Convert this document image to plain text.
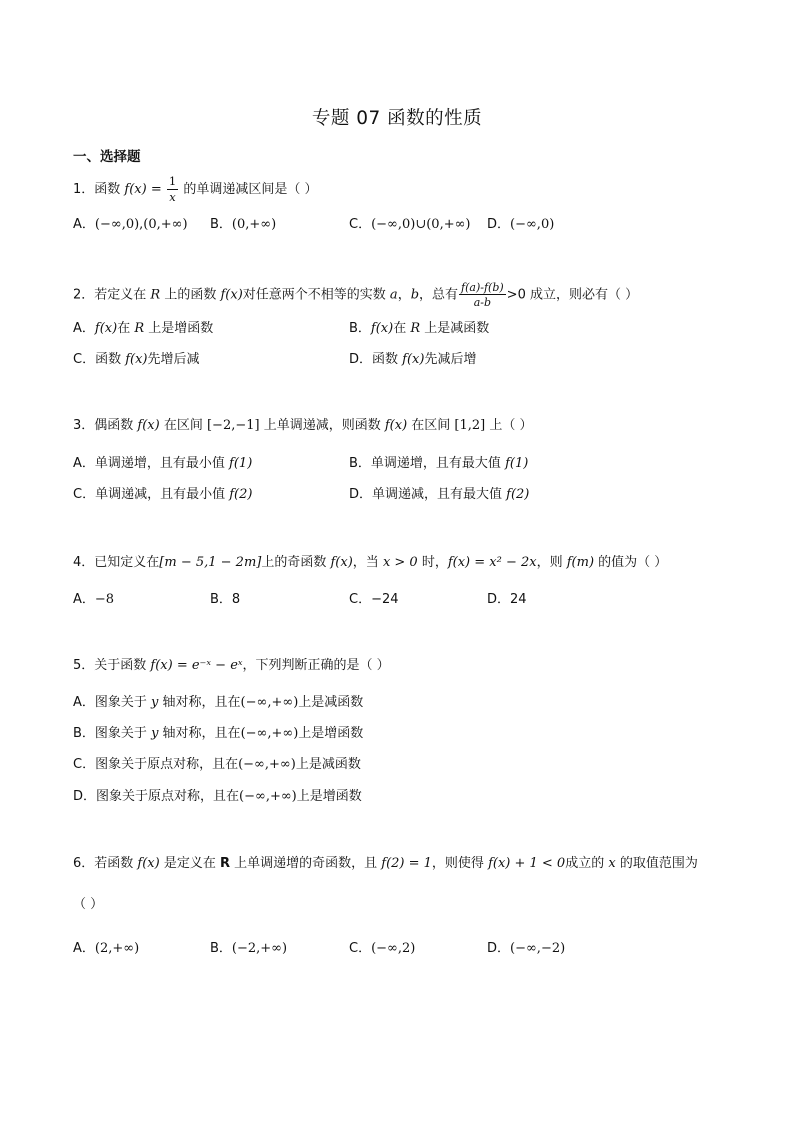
专题 07 函数的性质
一、选择题
1．函数 $f(x) = \frac{1}{x}$ 的单调递减区间是（ ）
A．(−∞,0),(0,+∞) B．(0,+∞)	C．(−∞,0)∪(0,+∞) D．(−∞,0)
2．若定义在 R 上的函数 f(x)对任意两个不相等的实数 a，b，总有 $\frac{f(a)-f(b)}{a-b} >0$ 成立，则必有（ ）
A．f(x)在 R 上是增函数	B．f(x)在 R 上是减函数
C．函数 f(x)先增后减	D．函数 f(x)先减后增
3．偶函数 f(x) 在区间 [−2,−1] 上单调递减，则函数 f(x) 在区间 [1,2] 上（ ）
A．单调递增，且有最小值 f(1)	B．单调递增，且有最大值 f(1)
C．单调递减，且有最小值 f(2)	D．单调递减，且有最大值 f(2)
4．已知定义在[m − 5,1 − 2m]上的奇函数 f(x)，当 x > 0 时，f(x) = x² − 2x，则 f(m) 的值为（ ）
A．−8	B．8	C．−24	D．24
5．关于函数 f(x) = e⁻ˣ − eˣ，下列判断正确的是（ ）
A．图象关于 y 轴对称，且在(−∞,+∞)上是减函数
B．图象关于 y 轴对称，且在(−∞,+∞)上是增函数
C．图象关于原点对称，且在(−∞,+∞)上是减函数
D．图象关于原点对称，且在(−∞,+∞)上是增函数
6．若函数 f(x) 是定义在 R 上单调递增的奇函数，且 f(2) = 1，则使得 f(x) + 1 < 0成立的 x 的取值范围为
（ ）
A．(2,+∞)	B．(−2,+∞)	C．(−∞,2)	D．(−∞,−2)
